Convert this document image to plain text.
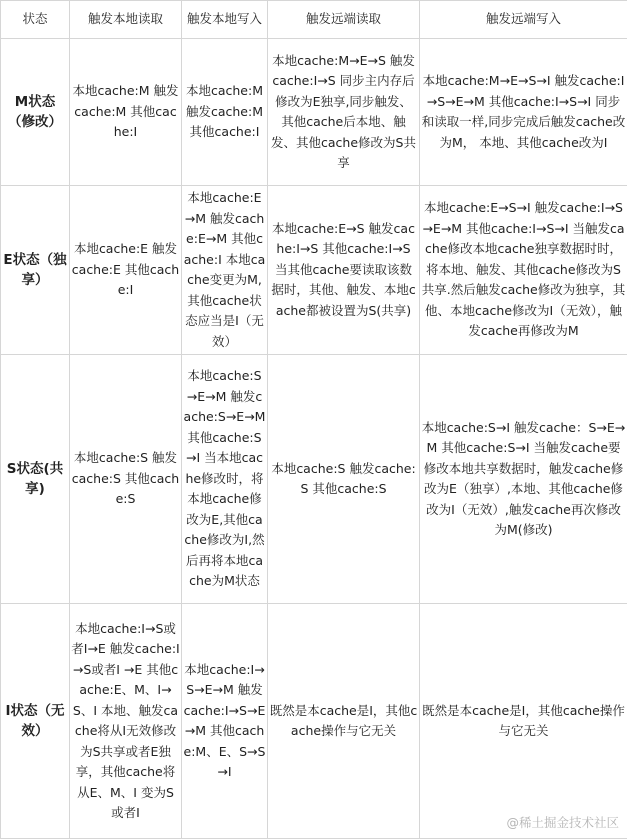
状态	触发本地读取	触发本地写入	触发远端读取	触发远端写入
M状态（修改）	本地cache:M 触发cache:M 其他cache:I	本地cache:M 触发cache:M 其他cache:I	本地cache:M→E→S 触发cache:I→S 同步主内存后修改为E独享,同步触发、其他cache后本地、触发、其他cache修改为S共享	本地cache:M→E→S→I 触发cache:I→S→E→M 其他cache:I→S→I 同步和读取一样,同步完成后触发cache改为M， 本地、其他cache改为I
E状态（独享）	本地cache:E 触发cache:E 其他cache:I	本地cache:E→M 触发cache:E→M 其他cache:I 本地cache变更为M,其他cache状态应当是I（无效）	本地cache:E→S 触发cache:I→S 其他cache:I→S 当其他cache要读取该数据时，其他、触发、本地cache都被设置为S(共享)	本地cache:E→S→I 触发cache:I→S→E→M 其他cache:I→S→I 当触发cache修改本地cache独享数据时时，将本地、触发、其他cache修改为S共享.然后触发cache修改为独享，其他、本地cache修改为I（无效），触发cache再修改为M
S状态(共享)	本地cache:S 触发cache:S 其他cache:S	本地cache:S→E→M 触发cache:S→E→M 其他cache:S→I 当本地cache修改时，将本地cache修改为E,其他cache修改为I,然后再将本地cache为M状态	本地cache:S 触发cache:S 其他cache:S	本地cache:S→I 触发cache：S→E→M 其他cache:S→I 当触发cache要修改本地共享数据时，触发cache修改为E（独享）,本地、其他cache修改为I（无效）,触发cache再次修改为M(修改)
I状态（无效）	本地cache:I→S或者I→E 触发cache:I→S或者I →E 其他cache:E、M、I→S、I 本地、触发cache将从I无效修改为S共享或者E独享，其他cache将从E、M、I 变为S或者I	本地cache:I→S→E→M 触发cache:I→S→E→M 其他cache:M、E、S→S→I	既然是本cache是I，其他cache操作与它无关	既然是本cache是I，其他cache操作与它无关
@稀土掘金技术社区
